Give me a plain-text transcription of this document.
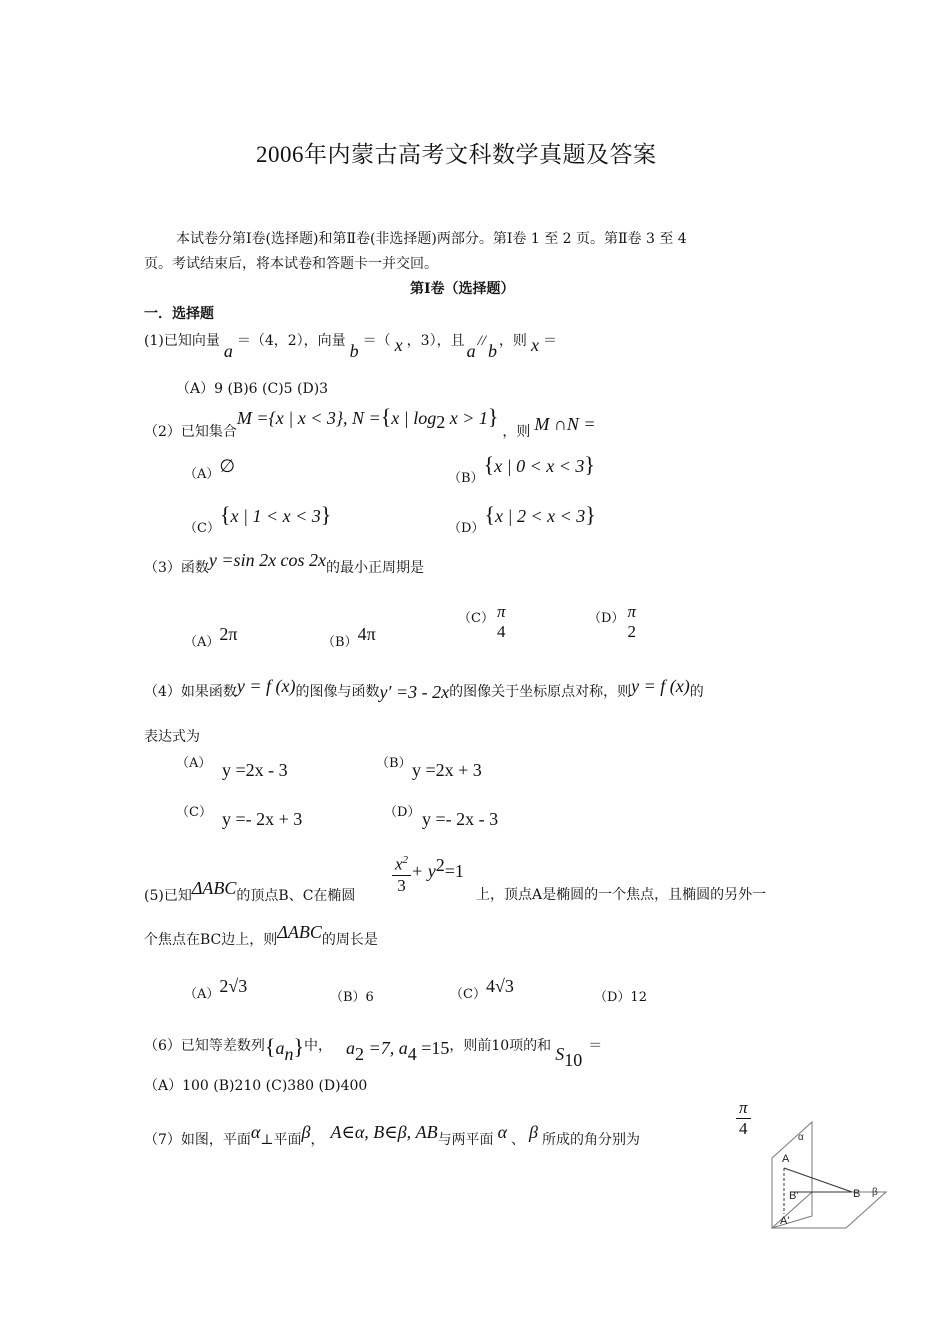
2006年内蒙古高考文科数学真题及答案
本试卷分第Ⅰ卷(选择题)和第Ⅱ卷(非选择题)两部分。第Ⅰ卷 1 至 2 页。第Ⅱ卷 3 至 4
页。考试结束后，将本试卷和答题卡一并交回。
第Ⅰ卷（选择题）
一．选择题
(1)已知向量 a ＝（4，2），向量 b ＝（ x ，3），且 a // b ，则 x ＝
（A）9 (B)6 (C)5 (D)3
（2）已知集合M ={x | x < 3}, N ={x | $\log_2 x > 1$}，则 M ∩N =
（A）∅
（B）{x | 0 < x < 3}
（C）{x | 1 < x < 3}
（D）{x | 2 < x < 3}
（3）函数y =sin 2x cos 2x的最小正周期是
（A）2π	（B）4π
（C） π
4
（D） π
2
（4）如果函数y = f (x)的图像与函数y′ =3 - 2x的图像关于坐标原点对称，则y = f (x)的
表达式为
（A） y =2x - 3	（B） y =2x + 3
（C） y =- 2x + 3	（D） y =- 2x - 3
(5)已知ΔABC的顶点B、C在椭圆
$\frac{x^2}{3} + y^2=1$
上，顶点A是椭圆的一个焦点，且椭圆的另外一
个焦点在BC边上，则ΔABC的周长是
（A）2√3
（B）6	（C）4√3
（D）12
（6）已知等差数列$\{a_n\}$中， $a_2 =7$, $a_4 =15$，则前10项的和 $S_{10}=$
（A）100 (B)210 (C)380 (D)400
（7）如图，平面α⊥平面β， A∈α, B∈β, AB与两平面 α 、 β 所成的角分别为
$\frac{\pi}{4}$	α
A
B'	B β
A'
